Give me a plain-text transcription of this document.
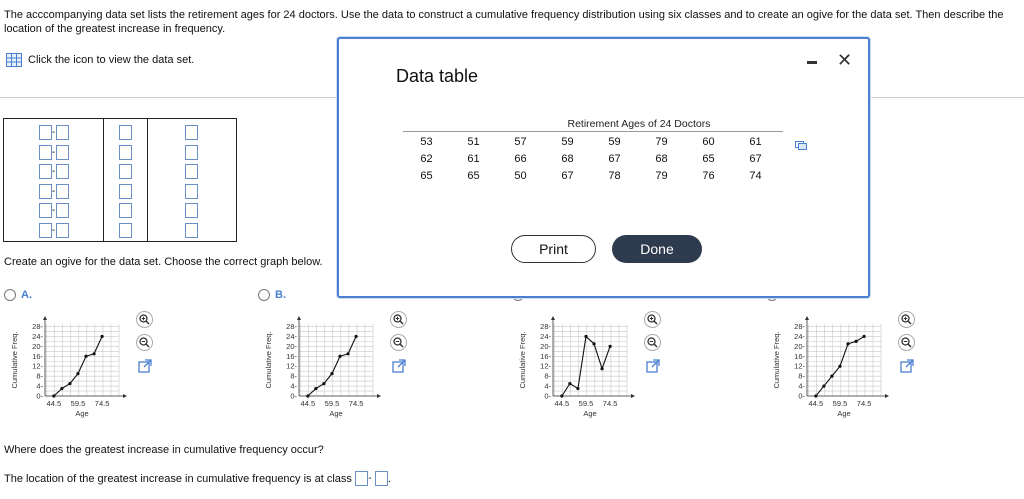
The acccompanying data set lists the retirement ages for 24 doctors. Use the data to construct a cumulative frequency distribution using six classes and to create an ogive for the data set. Then describe the location of the greatest increase in frequency.
Click the icon to view the data set.
-
-
-
-
-
-
Create an ogive for the data set. Choose the correct graph below.
A.	B.
0-
4-
8-
12-
16-
20-
24-
28-
44.5 59.5 74.5
Age
Cumulative Freq.
0-
4-
8-
12-
16-
20-
24-
28-
44.5 59.5 74.5
Age
Cumulative Freq.
0-
4-
8-
12-
16-
20-
24-
28-
44.5 59.5 74.5
Age
Cumulative Freq.
0-
4-
8-
12-
16-
20-
24-
28-
44.5 59.5 74.5
Age
Cumulative Freq.
Where does the greatest increase in cumulative frequency occur?
The location of the greatest increase in cumulative frequency is at class - .
Data table
✕
Retirement Ages of 24 Doctors
53	51	57	59	59	79	60	61
62	61	66	68	67	68	65	67
65	65	50	67	78	79	76	74
Print	Done
